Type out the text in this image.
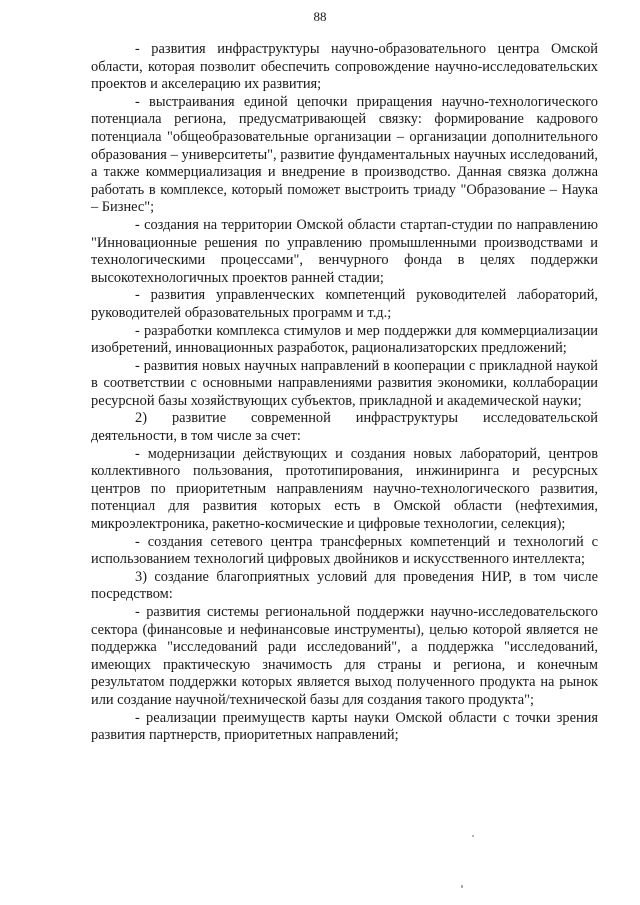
88

- развития инфраструктуры научно-образовательного центра Омской области, которая позволит обеспечить сопровождение научно-исследовательских проектов и акселерацию их развития;

- выстраивания единой цепочки приращения научно-технологического потенциала региона, предусматривающей связку: формирование кадрового потенциала "общеобразовательные организации – организации дополнительного образования – университеты", развитие фундаментальных научных исследований, а также коммерциализация и внедрение в производство. Данная связка должна работать в комплексе, который поможет выстроить триаду "Образование – Наука – Бизнес";

- создания на территории Омской области стартап-студии по направлению "Инновационные решения по управлению промышленными производствами и технологическими процессами", венчурного фонда в целях поддержки высокотехнологичных проектов ранней стадии;

- развития управленческих компетенций руководителей лабораторий, руководителей образовательных программ и т.д.;

- разработки комплекса стимулов и мер поддержки для коммерциализации изобретений, инновационных разработок, рационализаторских предложений;

- развития новых научных направлений в кооперации с прикладной наукой в соответствии с основными направлениями развития экономики, коллаборации ресурсной базы хозяйствующих субъектов, прикладной и академической науки;

2) развитие современной инфраструктуры исследовательской деятельности, в том числе за счет:

- модернизации действующих и создания новых лабораторий, центров коллективного пользования, прототипирования, инжиниринга и ресурсных центров по приоритетным направлениям научно-технологического развития, потенциал для развития которых есть в Омской области (нефтехимия, микроэлектроника, ракетно-космические и цифровые технологии, селекция);

- создания сетевого центра трансферных компетенций и технологий с использованием технологий цифровых двойников и искусственного интеллекта;

3) создание благоприятных условий для проведения НИР, в том числе посредством:

- развития системы региональной поддержки научно-исследовательского сектора (финансовые и нефинансовые инструменты), целью которой является не поддержка "исследований ради исследований", а поддержка "исследований, имеющих практическую значимость для страны и региона, и конечным результатом поддержки которых является выход полученного продукта на рынок или создание научной/технической базы для создания такого продукта";

- реализации преимуществ карты науки Омской области с точки зрения развития партнерств, приоритетных направлений;
